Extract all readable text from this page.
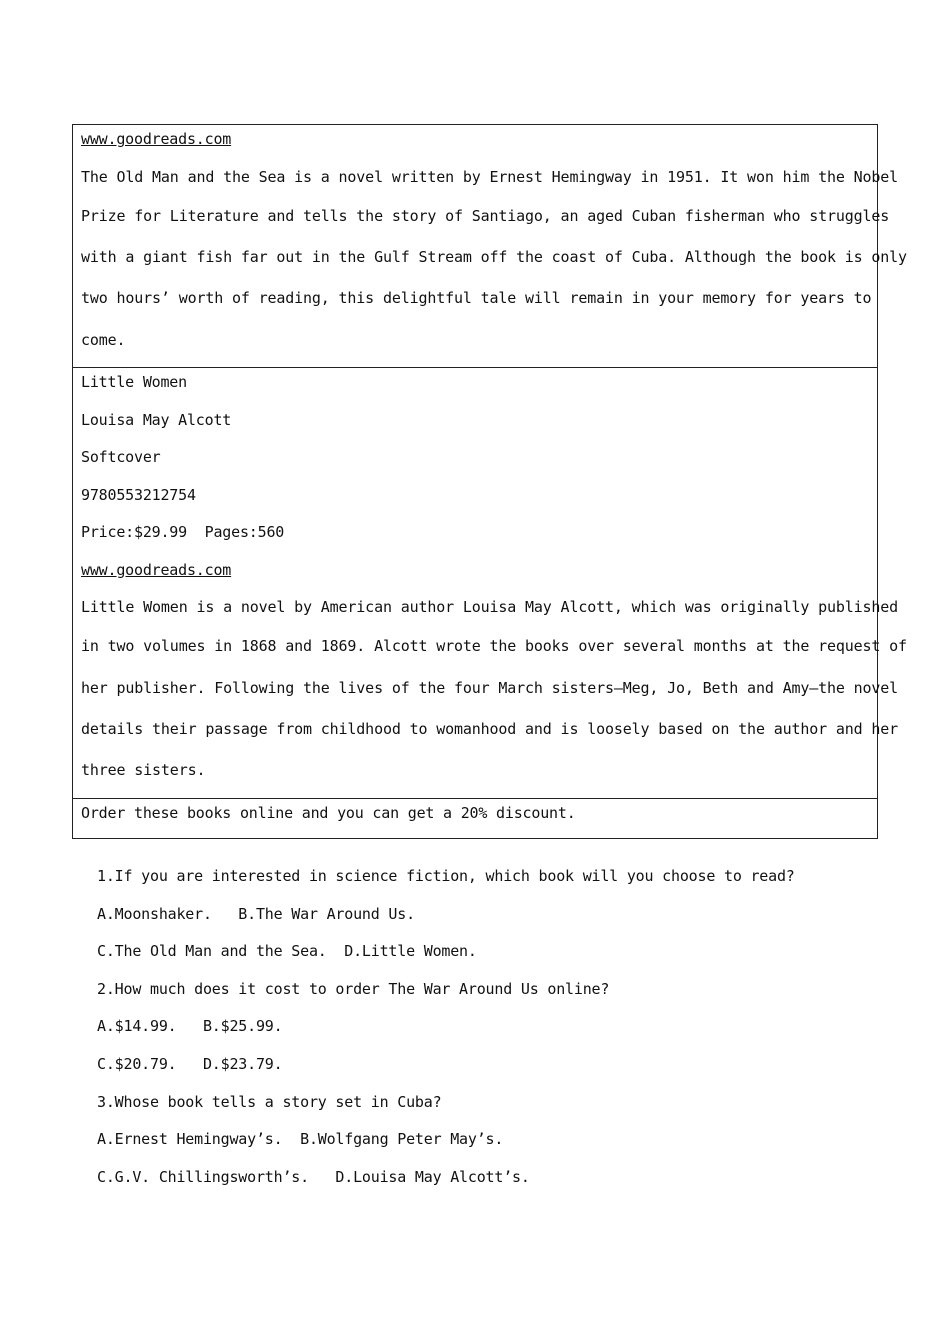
www.goodreads.com
The Old Man and the Sea is a novel written by Ernest Hemingway in 1951. It won him the Nobel
Prize for Literature and tells the story of Santiago, an aged Cuban fisherman who struggles
with a giant fish far out in the Gulf Stream off the coast of Cuba. Although the book is only
two hours’ worth of reading, this delightful tale will remain in your memory for years to
come.
Little Women
Louisa May Alcott
Softcover
9780553212754
Price:$29.99  Pages:560
www.goodreads.com
Little Women is a novel by American author Louisa May Alcott, which was originally published
in two volumes in 1868 and 1869. Alcott wrote the books over several months at the request of
her publisher. Following the lives of the four March sisters—Meg, Jo, Beth and Amy—the novel
details their passage from childhood to womanhood and is loosely based on the author and her
three sisters.
Order these books online and you can get a 20% discount.
1.If you are interested in science fiction, which book will you choose to read?
A.Moonshaker.   B.The War Around Us.
C.The Old Man and the Sea.  D.Little Women.
2.How much does it cost to order The War Around Us online?
A.$14.99.   B.$25.99.
C.$20.79.   D.$23.79.
3.Whose book tells a story set in Cuba?
A.Ernest Hemingway’s.  B.Wolfgang Peter May’s.
C.G.V. Chillingsworth’s.   D.Louisa May Alcott’s.
